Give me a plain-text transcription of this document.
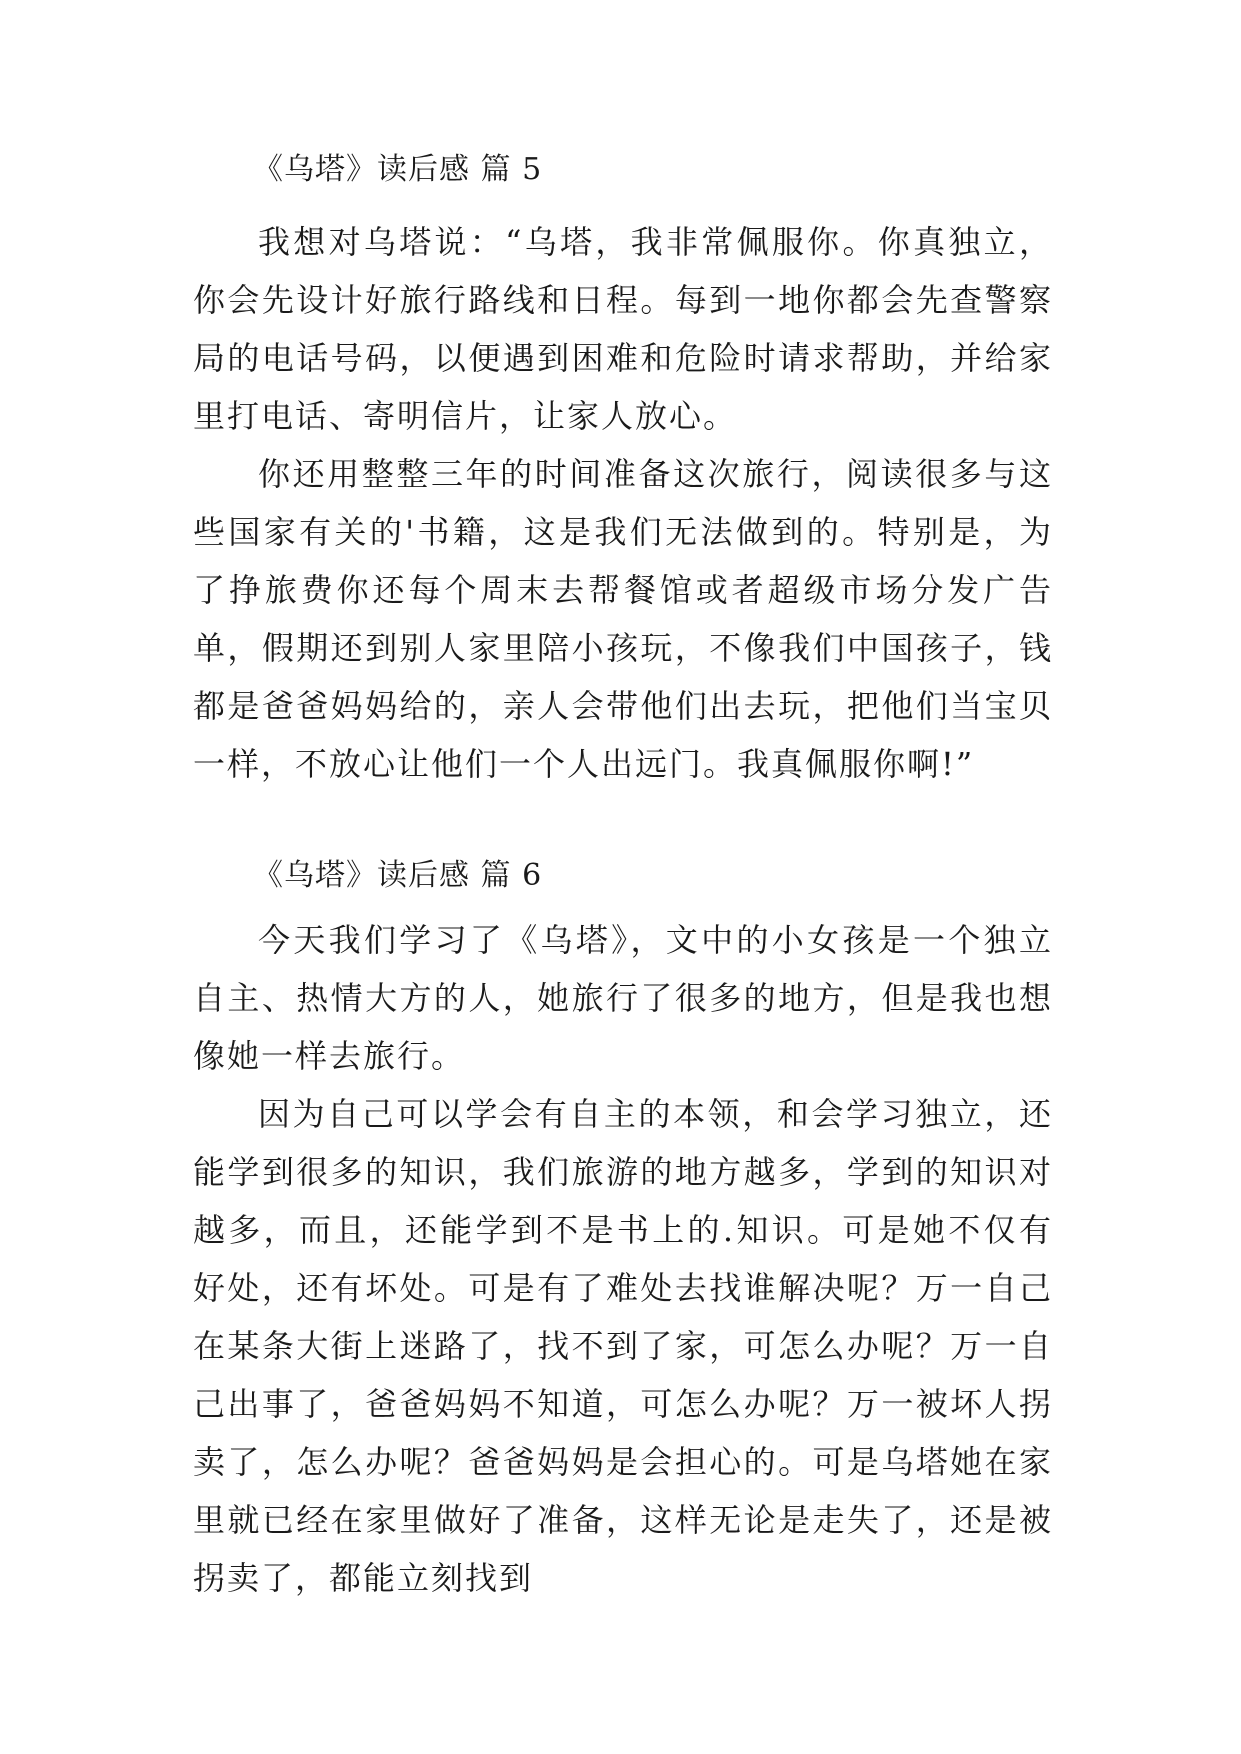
《乌塔》读后感 篇 5

我想对乌塔说：“乌塔，我非常佩服你。你真独立，你会先设计好旅行路线和日程。每到一地你都会先查警察局的电话号码，以便遇到困难和危险时请求帮助，并给家里打电话、寄明信片，让家人放心。

你还用整整三年的时间准备这次旅行，阅读很多与这些国家有关的'书籍，这是我们无法做到的。特别是，为了挣旅费你还每个周末去帮餐馆或者超级市场分发广告单，假期还到别人家里陪小孩玩，不像我们中国孩子，钱都是爸爸妈妈给的，亲人会带他们出去玩，把他们当宝贝一样，不放心让他们一个人出远门。我真佩服你啊!”

《乌塔》读后感 篇 6

今天我们学习了《乌塔》，文中的小女孩是一个独立自主、热情大方的人，她旅行了很多的地方，但是我也想像她一样去旅行。

因为自己可以学会有自主的本领，和会学习独立，还能学到很多的知识，我们旅游的地方越多，学到的知识对越多，而且，还能学到不是书上的.知识。可是她不仅有好处，还有坏处。可是有了难处去找谁解决呢？万一自己在某条大街上迷路了，找不到了家，可怎么办呢？万一自己出事了，爸爸妈妈不知道，可怎么办呢？万一被坏人拐卖了，怎么办呢？爸爸妈妈是会担心的。可是乌塔她在家里就已经在家里做好了准备，这样无论是走失了，还是被拐卖了，都能立刻找到
